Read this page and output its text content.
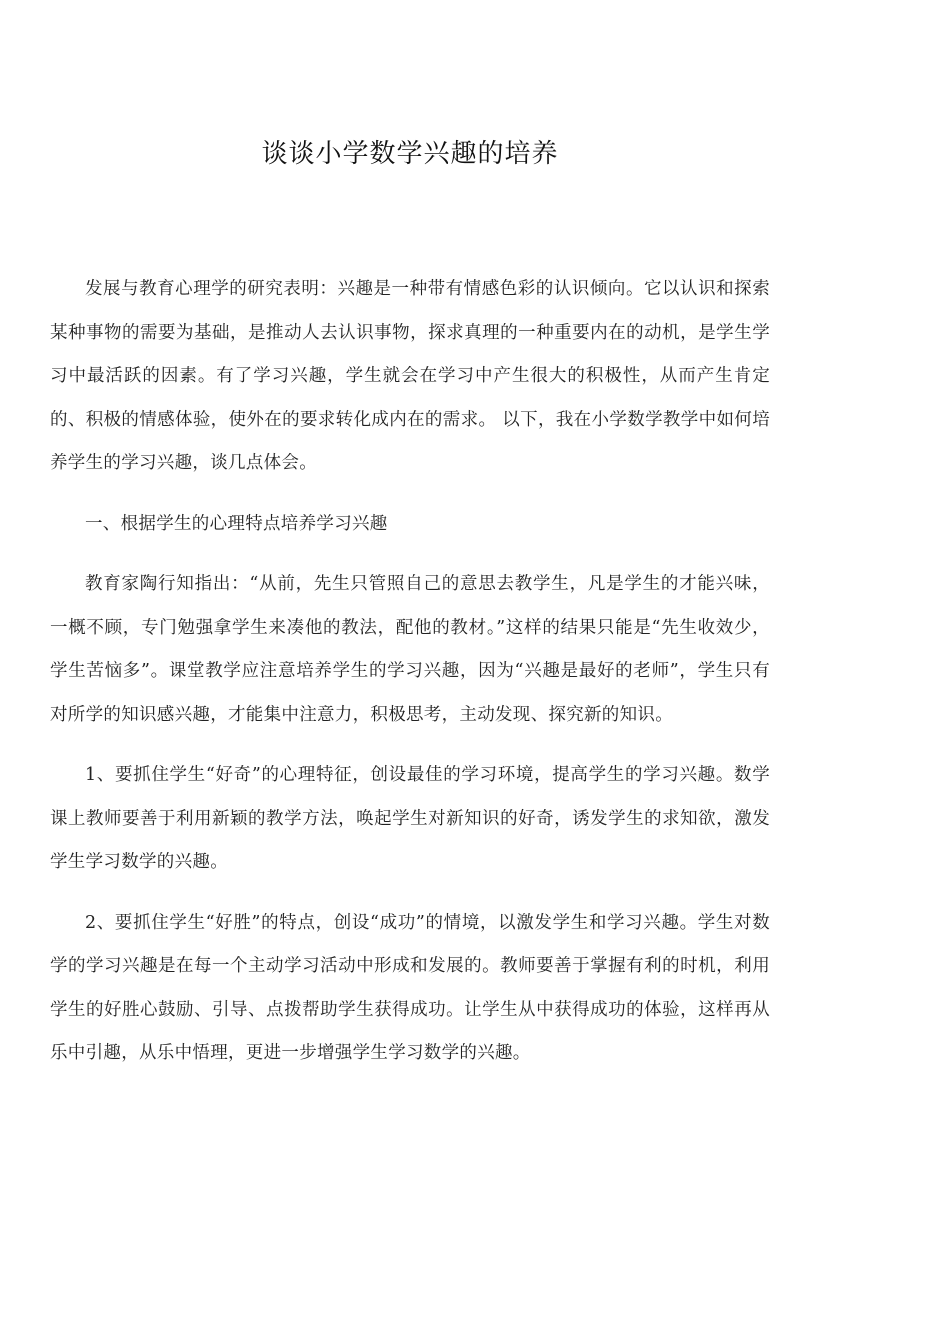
谈谈小学数学兴趣的培养

发展与教育心理学的研究表明：兴趣是一种带有情感色彩的认识倾向。它以认识和探索某种事物的需要为基础，是推动人去认识事物，探求真理的一种重要内在的动机，是学生学习中最活跃的因素。有了学习兴趣，学生就会在学习中产生很大的积极性，从而产生肯定的、积极的情感体验，使外在的要求转化成内在的需求。 以下，我在小学数学教学中如何培养学生的学习兴趣，谈几点体会。

一、根据学生的心理特点培养学习兴趣

教育家陶行知指出：“从前，先生只管照自己的意思去教学生，凡是学生的才能兴味，一概不顾，专门勉强拿学生来凑他的教法，配他的教材。”这样的结果只能是“先生收效少，学生苦恼多”。课堂教学应注意培养学生的学习兴趣，因为“兴趣是最好的老师”，学生只有对所学的知识感兴趣，才能集中注意力，积极思考，主动发现、探究新的知识。

1、要抓住学生“好奇”的心理特征，创设最佳的学习环境，提高学生的学习兴趣。数学课上教师要善于利用新颖的教学方法，唤起学生对新知识的好奇，诱发学生的求知欲，激发学生学习数学的兴趣。

2、要抓住学生“好胜”的特点，创设“成功”的情境，以激发学生和学习兴趣。学生对数学的学习兴趣是在每一个主动学习活动中形成和发展的。教师要善于掌握有利的时机，利用学生的好胜心鼓励、引导、点拨帮助学生获得成功。让学生从中获得成功的体验，这样再从乐中引趣，从乐中悟理，更进一步增强学生学习数学的兴趣。
